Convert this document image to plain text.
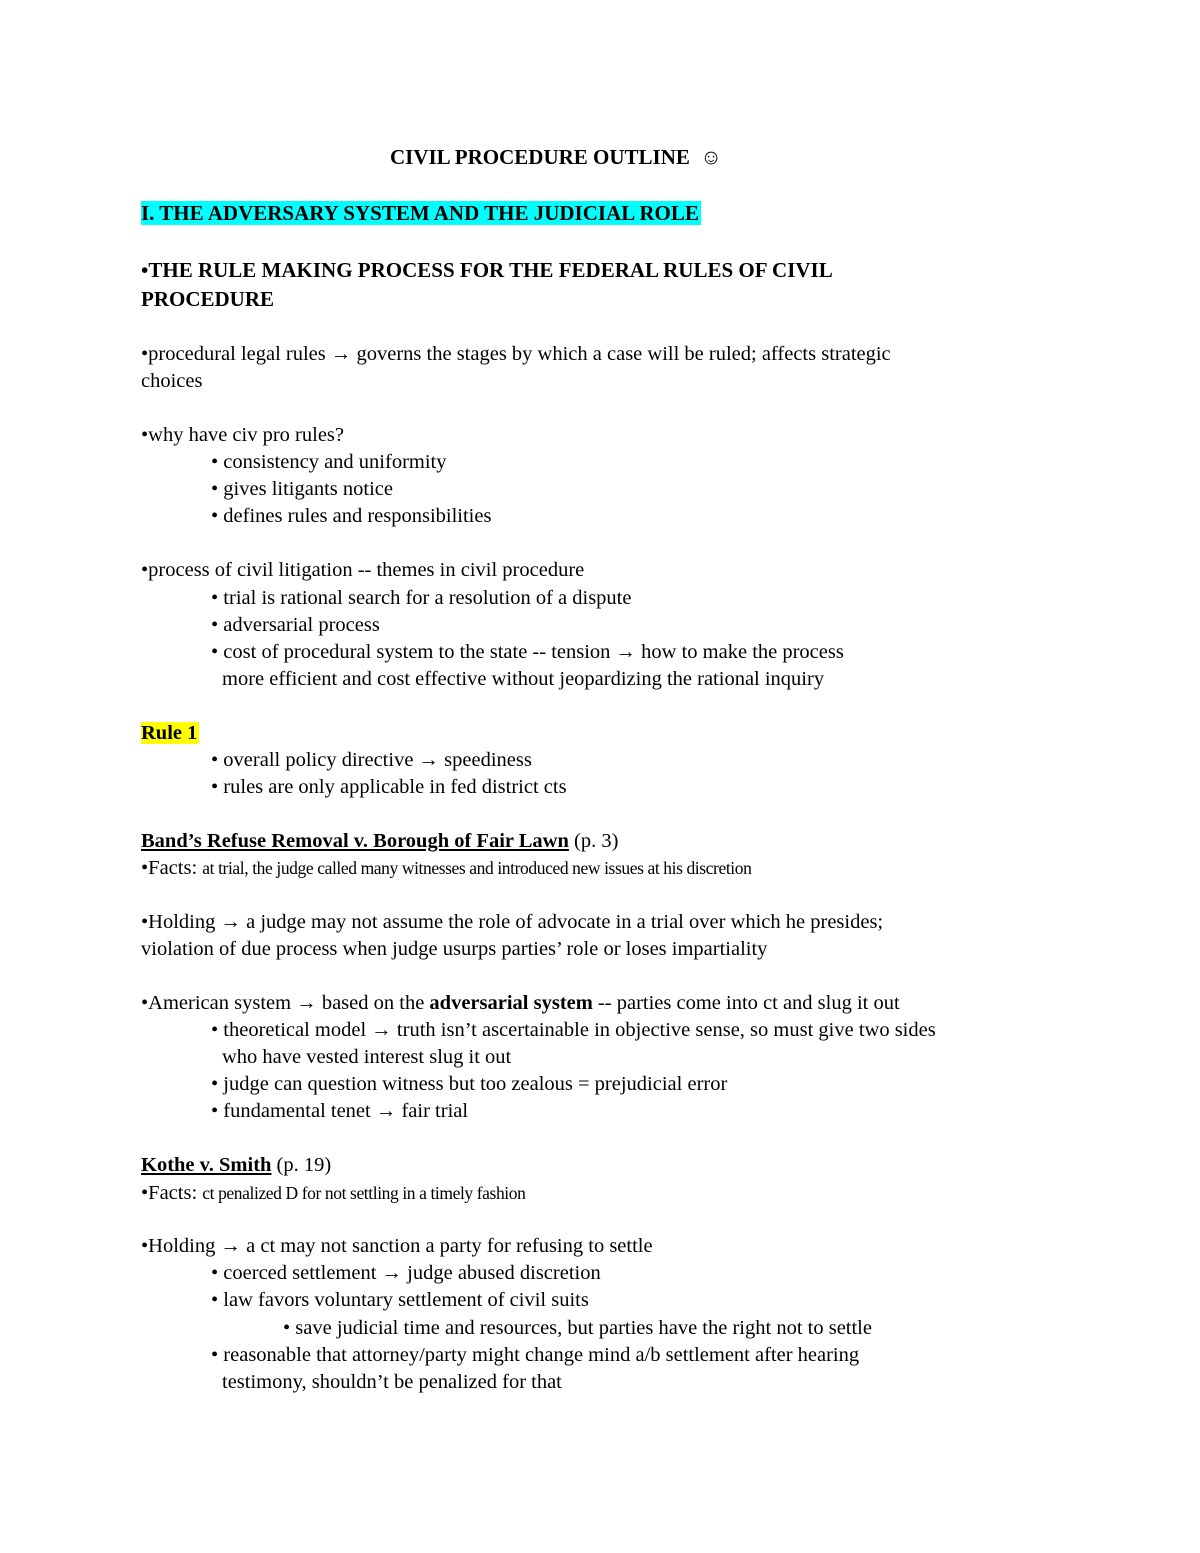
CIVIL PROCEDURE OUTLINE ☺
I. THE ADVERSARY SYSTEM AND THE JUDICIAL ROLE
•THE RULE MAKING PROCESS FOR THE FEDERAL RULES OF CIVIL
PROCEDURE
•procedural legal rules → governs the stages by which a case will be ruled; affects strategic
choices
•why have civ pro rules?
• consistency and uniformity
• gives litigants notice
• defines rules and responsibilities
•process of civil litigation -- themes in civil procedure
• trial is rational search for a resolution of a dispute
• adversarial process
• cost of procedural system to the state -- tension → how to make the process
more efficient and cost effective without jeopardizing the rational inquiry
Rule 1
• overall policy directive → speediness
• rules are only applicable in fed district cts
Band’s Refuse Removal v. Borough of Fair Lawn (p. 3)
•Facts: at trial, the judge called many witnesses and introduced new issues at his discretion
•Holding → a judge may not assume the role of advocate in a trial over which he presides;
violation of due process when judge usurps parties’ role or loses impartiality
•American system → based on the adversarial system -- parties come into ct and slug it out
• theoretical model → truth isn’t ascertainable in objective sense, so must give two sides
who have vested interest slug it out
• judge can question witness but too zealous = prejudicial error
• fundamental tenet → fair trial
Kothe v. Smith (p. 19)
•Facts: ct penalized D for not settling in a timely fashion
•Holding → a ct may not sanction a party for refusing to settle
• coerced settlement → judge abused discretion
• law favors voluntary settlement of civil suits
• save judicial time and resources, but parties have the right not to settle
• reasonable that attorney/party might change mind a/b settlement after hearing
testimony, shouldn’t be penalized for that
